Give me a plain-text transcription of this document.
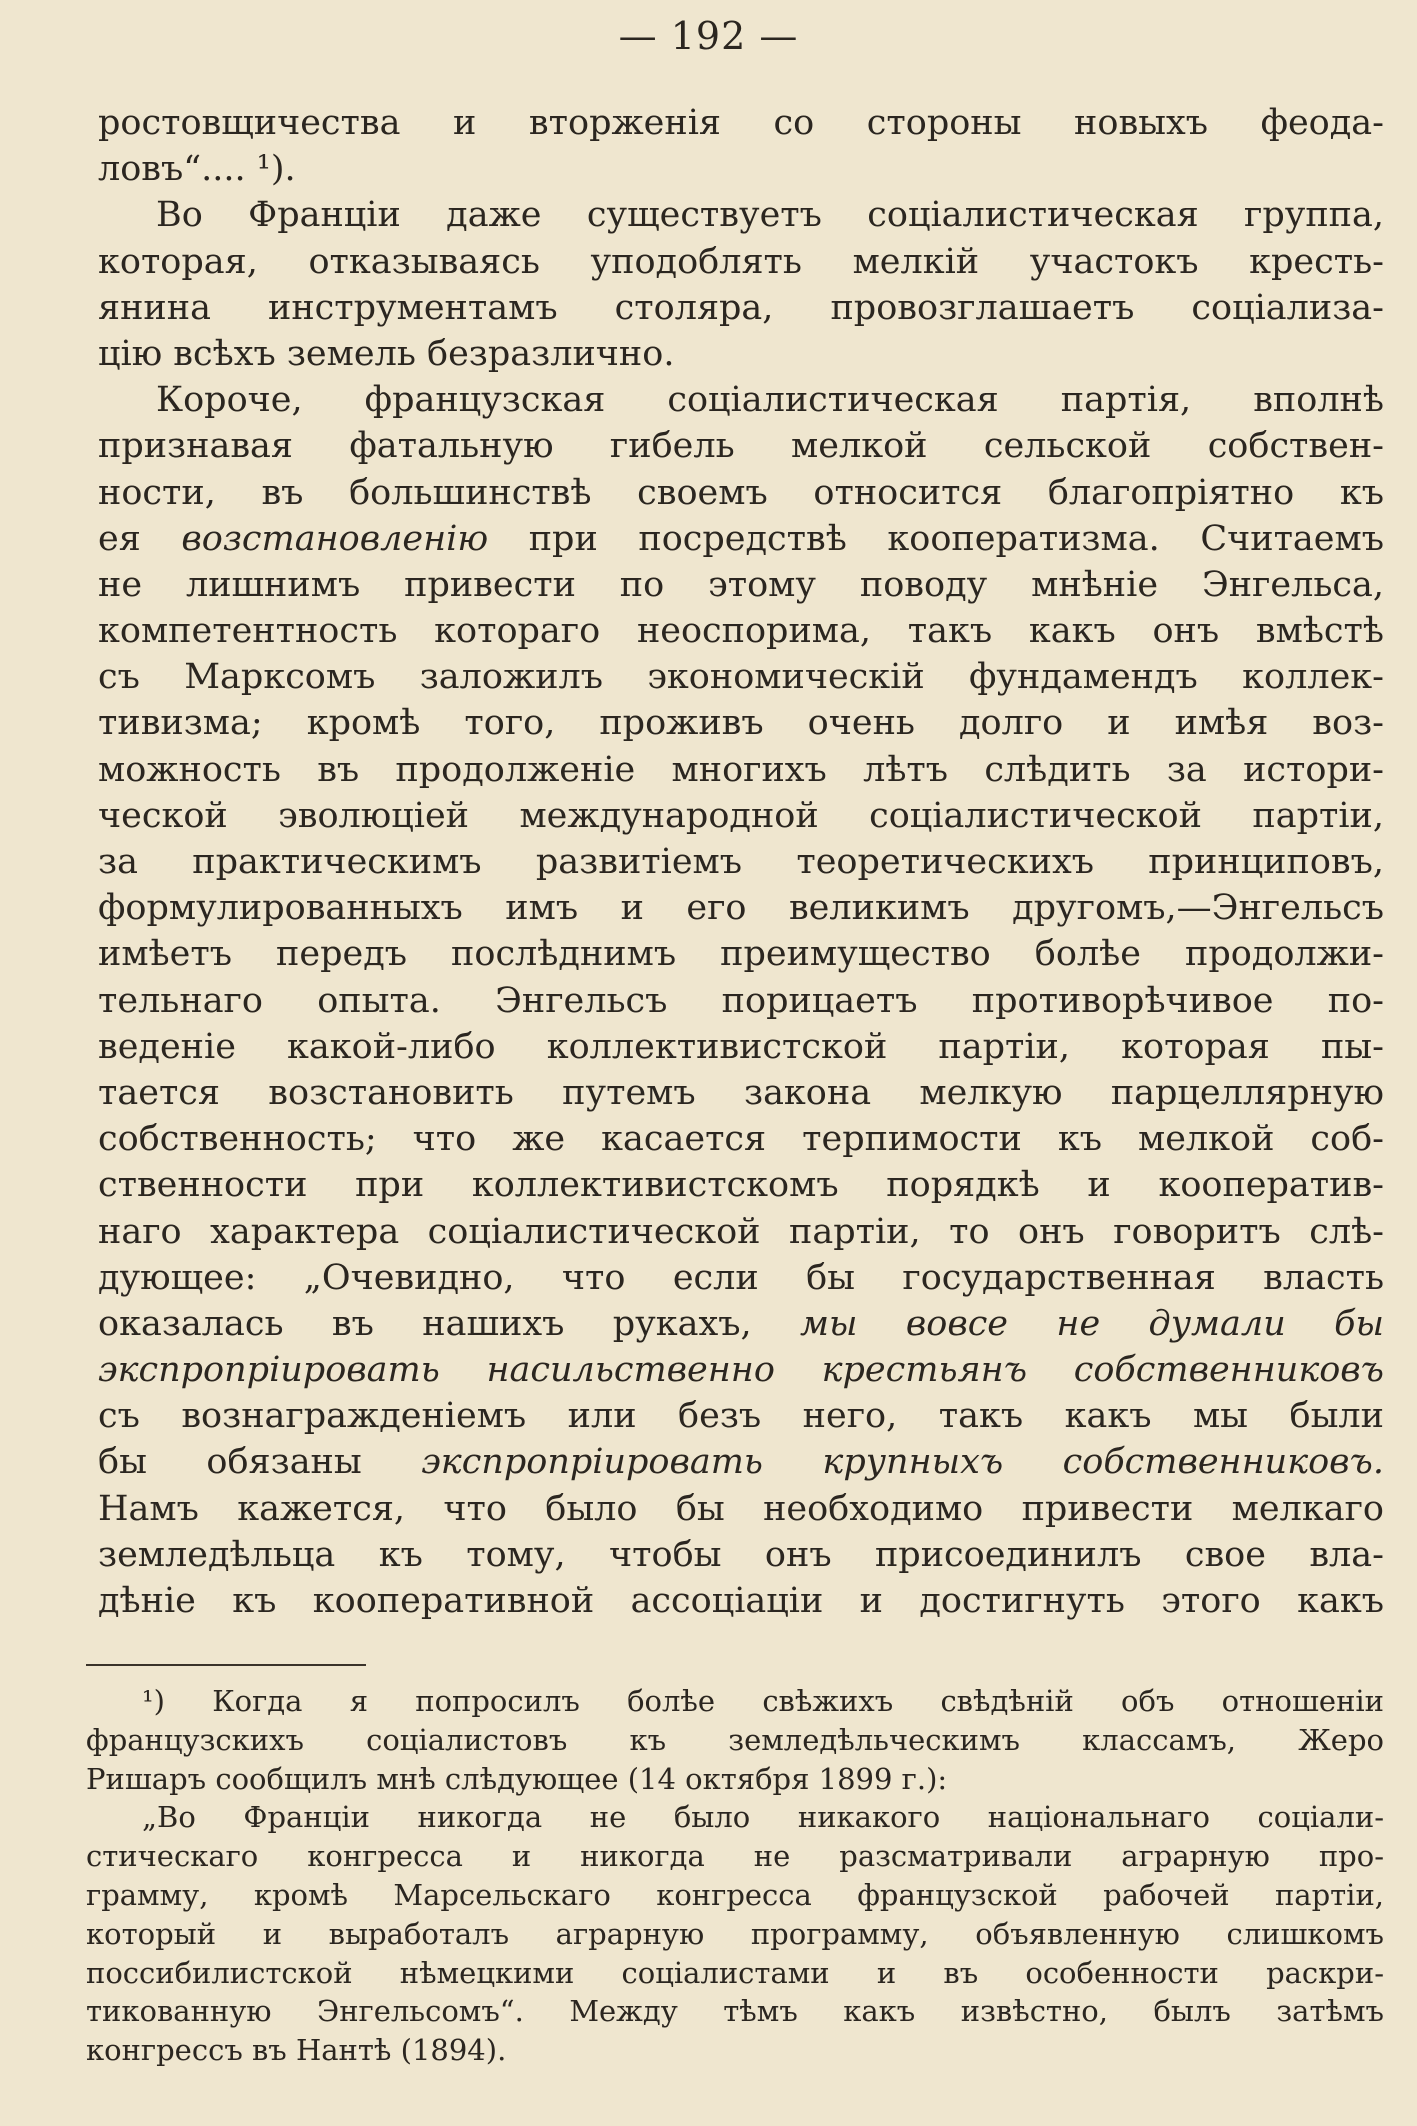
— 192 —
ростовщичества и вторженія со стороны новыхъ феода-
ловъ“.... ¹).
Во Франціи даже существуетъ соціалистическая группа,
которая, отказываясь уподоблять мелкій участокъ кресть-
янина инструментамъ столяра, провозглашаетъ соціализа-
цію всѣхъ земель безразлично.
Короче, французская соціалистическая партія, вполнѣ
признавая фатальную гибель мелкой сельской собствен-
ности, въ большинствѣ своемъ относится благопріятно къ
ея возстановленію при посредствѣ кооператизма. Считаемъ
не лишнимъ привести по этому поводу мнѣніе Энгельса,
компетентность котораго неоспорима, такъ какъ онъ вмѣстѣ
съ Марксомъ заложилъ экономическій фундамендъ коллек-
тивизма; кромѣ того, проживъ очень долго и имѣя воз-
можность въ продолженіе многихъ лѣтъ слѣдить за истори-
ческой эволюціей международной соціалистической партіи,
за практическимъ развитіемъ теоретическихъ принциповъ,
формулированныхъ имъ и его великимъ другомъ,—Энгельсъ
имѣетъ передъ послѣднимъ преимущество болѣе продолжи-
тельнаго опыта. Энгельсъ порицаетъ противорѣчивое по-
веденіе какой-либо коллективистской партіи, которая пы-
тается возстановить путемъ закона мелкую парцеллярную
собственность; что же касается терпимости къ мелкой соб-
ственности при коллективистскомъ порядкѣ и кооператив-
наго характера соціалистической партіи, то онъ говоритъ слѣ-
дующее: „Очевидно, что если бы государственная власть
оказалась въ нашихъ рукахъ, мы вовсе не думали бы
экспропріировать насильственно крестьянъ собственниковъ
съ вознагражденіемъ или безъ него, такъ какъ мы были
бы обязаны экспропріировать крупныхъ собственниковъ.
Намъ кажется, что было бы необходимо привести мелкаго
земледѣльца къ тому, чтобы онъ присоединилъ свое вла-
дѣніе къ кооперативной ассоціаціи и достигнуть этого какъ
¹) Когда я попросилъ болѣе свѣжихъ свѣдѣній объ отношеніи
французскихъ соціалистовъ къ земледѣльческимъ классамъ, Жеро
Ришаръ сообщилъ мнѣ слѣдующее (14 октября 1899 г.):
„Во Франціи никогда не было никакого національнаго соціали-
стическаго конгресса и никогда не разсматривали аграрную про-
грамму, кромѣ Марсельскаго конгресса французской рабочей партіи,
который и выработалъ аграрную программу, объявленную слишкомъ
поссибилистской нѣмецкими соціалистами и въ особенности раскри-
тикованную Энгельсомъ“. Между тѣмъ какъ извѣстно, былъ затѣмъ
конгрессъ въ Нантѣ (1894).
